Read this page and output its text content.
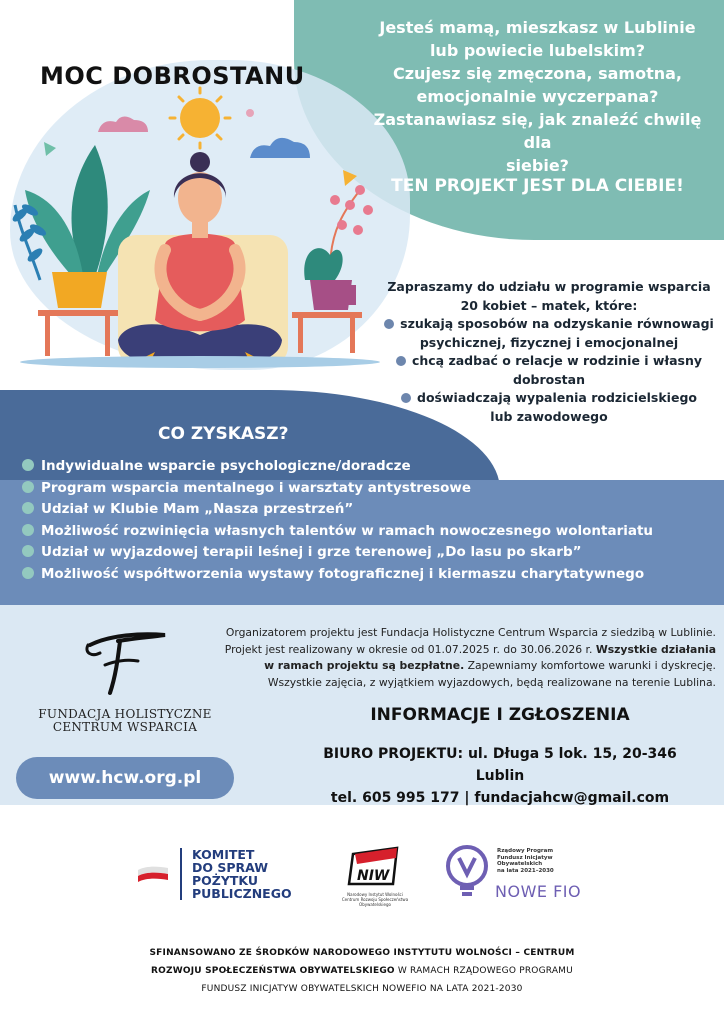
MOC DOBROSTANU
Jesteś mamą, mieszkasz w Lublinie
lub powiecie lubelskim?
Czujesz się zmęczona, samotna,
emocjonalnie wyczerpana?
Zastanawiasz się, jak znaleźć chwilę dla
siebie?
TEN PROJEKT JEST DLA CIEBIE!
Zapraszamy do udziału w programie wsparcia
20 kobiet – matek, które:
szukają sposobów na odzyskanie równowagi
psychicznej, fizycznej i emocjonalnej
chcą zadbać o relacje w rodzinie i własny
dobrostan
doświadczają wypalenia rodzicielskiego
lub zawodowego
CO ZYSKASZ?
Indywidualne wsparcie psychologiczne/doradcze
Program wsparcia mentalnego i warsztaty antystresowe
Udział w Klubie Mam „Nasza przestrzeń”
Możliwość rozwinięcia własnych talentów w ramach nowoczesnego wolontariatu
Udział w wyjazdowej terapii leśnej i grze terenowej „Do lasu po skarb”
Możliwość współtworzenia wystawy fotograficznej i kiermaszu charytatywnego
FUNDACJA HOLISTYCZNE
CENTRUM WSPARCIA
Organizatorem projektu jest Fundacja Holistyczne Centrum Wsparcia z siedzibą w Lublinie.
Projekt jest realizowany w okresie od 01.07.2025 r. do 30.06.2026 r. Wszystkie działania
w ramach projektu są bezpłatne. Zapewniamy komfortowe warunki i dyskrecję.
Wszystkie zajęcia, z wyjątkiem wyjazdowych, będą realizowane na terenie Lublina.
INFORMACJE I ZGŁOSZENIA
BIURO PROJEKTU: ul. Długa 5 lok. 15, 20-346 Lublin
tel. 605 995 177 | fundacjahcw@gmail.com
www.hcw.org.pl
KOMITET
DO SPRAW
POŻYTKU
PUBLICZNEGO
NIW
Narodowy Instytut Wolności
Centrum Rozwoju Społeczeństwa Obywatelskiego
Rządowy Program
Fundusz Inicjatyw
Obywatelskich
na lata 2021–2030
NOWE FIO
SFINANSOWANO ZE ŚRODKÓW NARODOWEGO INSTYTUTU WOLNOŚCI – CENTRUM
ROZWOJU SPOŁECZEŃSTWA OBYWATELSKIEGO W RAMACH RZĄDOWEGO PROGRAMU
FUNDUSZ INICJATYW OBYWATELSKICH NOWEFIO NA LATA 2021-2030
